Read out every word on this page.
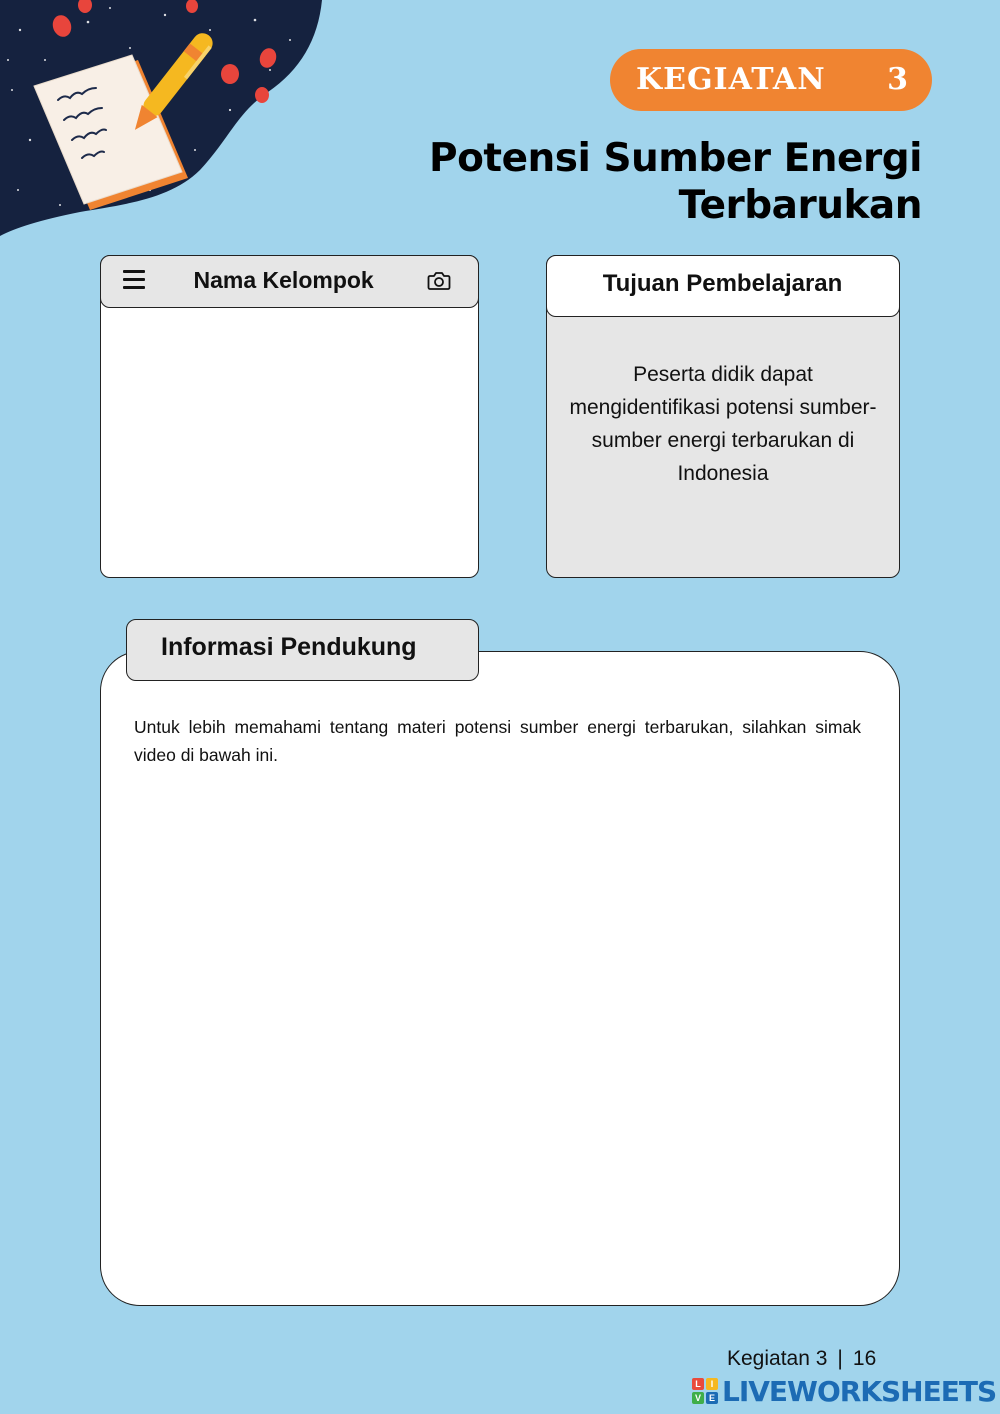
KEGIATAN 3
Potensi Sumber Energi
Terbarukan
Nama Kelompok	Tujuan Pembelajaran
Peserta didik dapat mengidentifikasi potensi sumber-sumber energi terbarukan di Indonesia
Informasi Pendukung
Untuk lebih memahami tentang materi potensi sumber energi terbarukan, silahkan simak video di bawah ini.
Kegiatan 3 | 16
L	I
V E LIVEWORKSHEETS
